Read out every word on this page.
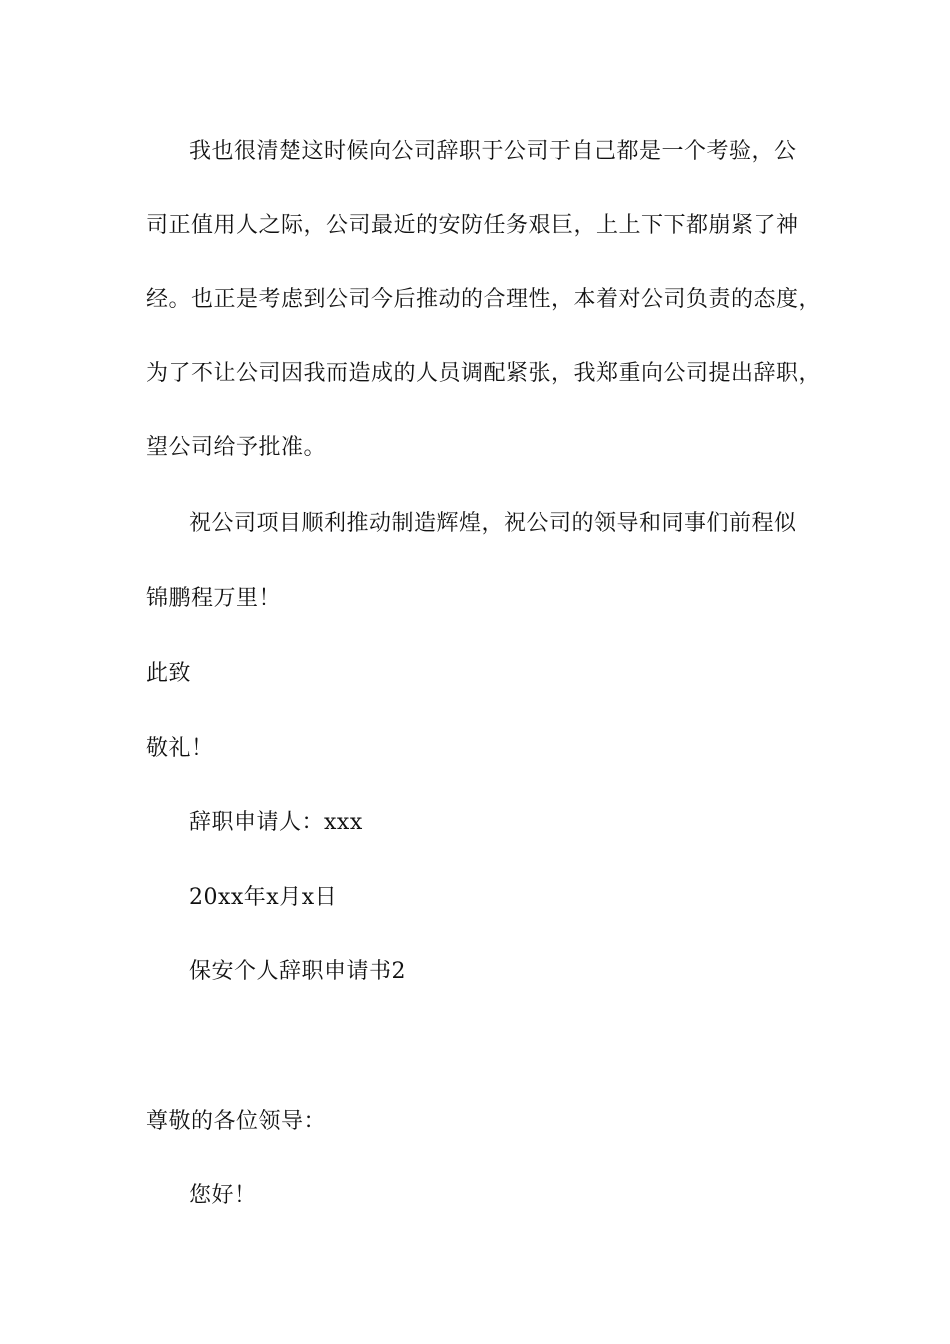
我也很清楚这时候向公司辞职于公司于自己都是一个考验，公

司正值用人之际，公司最近的安防任务艰巨，上上下下都崩紧了神

经。也正是考虑到公司今后推动的合理性，本着对公司负责的态度，

为了不让公司因我而造成的人员调配紧张，我郑重向公司提出辞职，

望公司给予批准。

祝公司项目顺利推动制造辉煌，祝公司的领导和同事们前程似

锦鹏程万里！

此致

敬礼！

辞职申请人：xxx

20xx年x月x日

保安个人辞职申请书2

尊敬的各位领导：

您好！
